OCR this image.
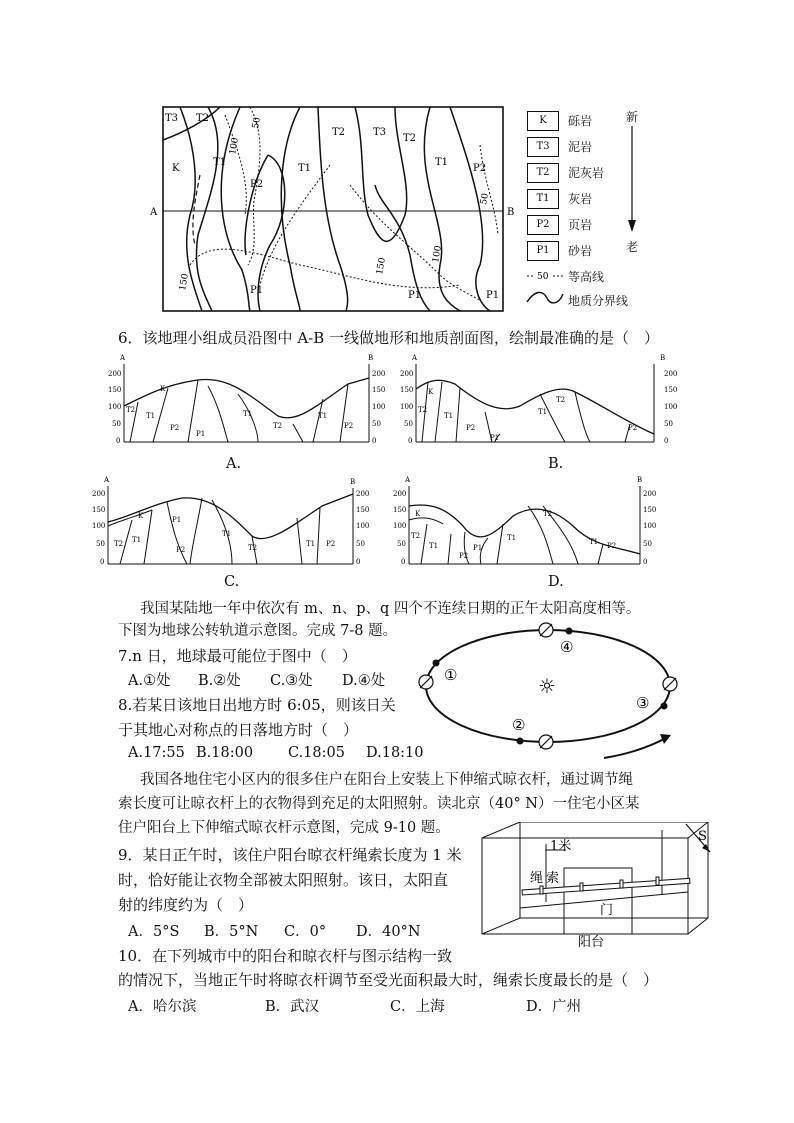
T3 T2
K
T1
P2
P1
T1
T2	T3
T2
T1
P2
P1
P1
50
100
150
150
100
50
A	B
K	砾岩
T3	泥岩
T2	泥灰岩
T1	灰岩
P2	页岩
P1	砂岩
50 等高线
地质分界线
新
老
6．该地理小组成员沿图中 A-B 一线做地形和地质剖面图，绘制最准确的是（　）
A	B
200
150
100
50
0
200
150
100
50
0
K
T2
T1
P2
P1
T1
T2
T1
P2
A.
A	B
200
150
100
50
0
200
150
100
50
0
K
T2
T1
P2
P1
T1
T2
P2
B.
A	B
200
150
100
50
0
200
150
100
50
0
K	P1
T2 T1
P2
T1
T2	T1 P2
C.
A	B
200
150
100
50
0
200
150
100
50
0
K
T2
T1
P2
P1
T1
T2
T1 P2
D.
我国某陆地一年中依次有 m、n、p、q 四个不连续日期的正午太阳高度相等。
下图为地球公转轨道示意图。完成 7-8 题。
①
②
③
④
☼
7.n 日，地球最可能位于图中（　）
A.①处 B.②处 C.③处 D.④处
8.若某日该地日出地方时 6:05，则该日关
于其地心对称点的日落地方时（　）
A.17:55 B.18:00 C.18:05 D.18:10
我国各地住宅小区内的很多住户在阳台上安装上下伸缩式晾衣杆，通过调节绳
索长度可让晾衣杆上的衣物得到充足的太阳照射。读北京（40° N）一住宅小区某
住户阳台上下伸缩式晾衣杆示意图，完成 9-10 题。
S
1米
绳 索
门
阳台
9．某日正午时，该住户阳台晾衣杆绳索长度为 1 米
时，恰好能让衣物全部被太阳照射。该日，太阳直
射的纬度约为（　）
A．5°S B．5°N C．0° D．40°N
10．在下列城市中的阳台和晾衣杆与图示结构一致
的情况下，当地正午时将晾衣杆调节至受光面积最大时，绳索长度最长的是（　）
A．哈尔滨	B．武汉	C．上海	D．广州
